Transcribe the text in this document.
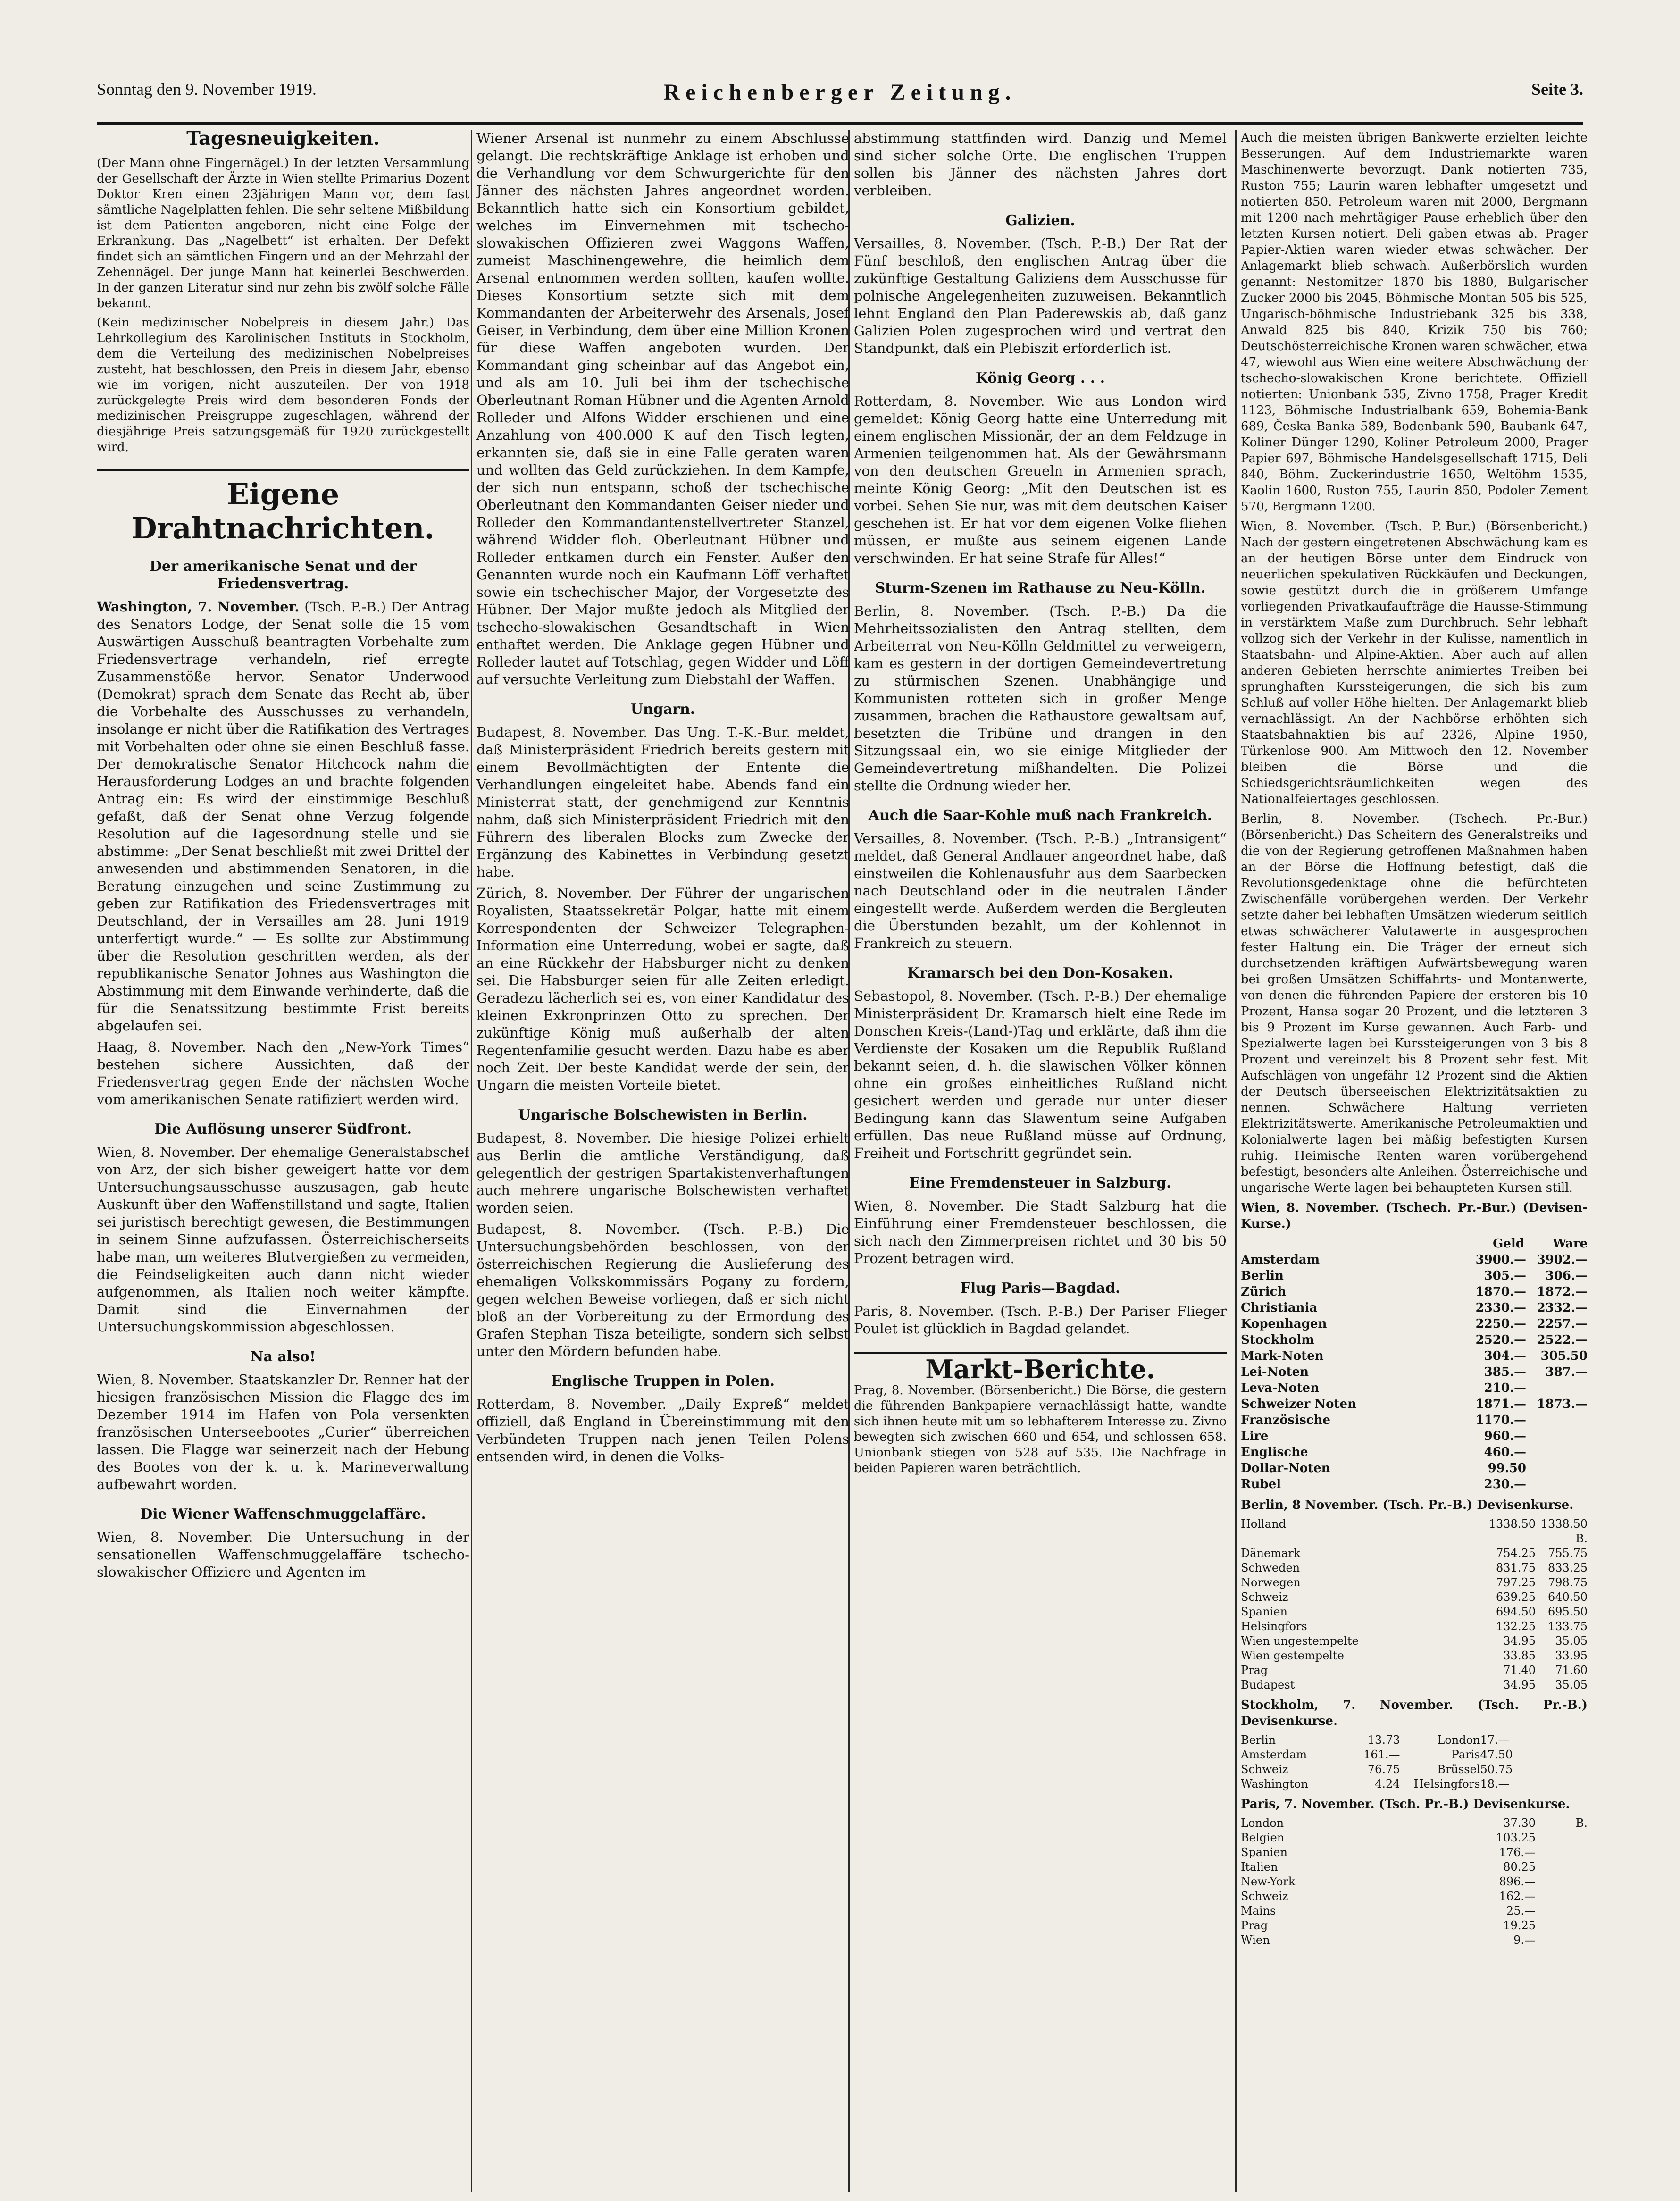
Sonntag den 9. November 1919.	Reichenberger Zeitung.	Seite 3.
Tagesneuigkeiten.

(Der Mann ohne Fingernägel.) In der letzten Versammlung der Gesellschaft der Ärzte in Wien stellte Primarius Dozent Doktor Kren einen 23jährigen Mann vor, dem fast sämtliche Nagelplatten fehlen. Die sehr seltene Mißbildung ist dem Patienten angeboren, nicht eine Folge der Erkrankung. Das „Nagelbett“ ist erhalten. Der Defekt findet sich an sämtlichen Fingern und an der Mehrzahl der Zehennägel. Der junge Mann hat keinerlei Beschwerden. In der ganzen Literatur sind nur zehn bis zwölf solche Fälle bekannt.

(Kein medizinischer Nobelpreis in diesem Jahr.) Das Lehrkollegium des Karolinischen Instituts in Stockholm, dem die Verteilung des medizinischen Nobelpreises zusteht, hat beschlossen, den Preis in diesem Jahr, ebenso wie im vorigen, nicht auszuteilen. Der von 1918 zurückgelegte Preis wird dem besonderen Fonds der medizinischen Preisgruppe zugeschlagen, während der diesjährige Preis satzungsgemäß für 1920 zurückgestellt wird.

Eigene Drahtnachrichten.
Der amerikanische Senat und der Friedensvertrag.

Washington, 7. November. (Tsch. P.-B.) Der Antrag des Senators Lodge, der Senat solle die 15 vom Auswärtigen Ausschuß beantragten Vorbehalte zum Friedensvertrage verhandeln, rief erregte Zusammenstöße hervor. Senator Underwood (Demokrat) sprach dem Senate das Recht ab, über die Vorbehalte des Ausschusses zu verhandeln, insolange er nicht über die Ratifikation des Vertrages mit Vorbehalten oder ohne sie einen Beschluß fasse. Der demokratische Senator Hitchcock nahm die Herausforderung Lodges an und brachte folgenden Antrag ein: Es wird der einstimmige Beschluß gefaßt, daß der Senat ohne Verzug folgende Resolution auf die Tagesordnung stelle und sie abstimme: „Der Senat beschließt mit zwei Drittel der anwesenden und abstimmenden Senatoren, in die Beratung einzugehen und seine Zustimmung zu geben zur Ratifikation des Friedensvertrages mit Deutschland, der in Versailles am 28. Juni 1919 unterfertigt wurde.“ — Es sollte zur Abstimmung über die Resolution geschritten werden, als der republikanische Senator Johnes aus Washington die Abstimmung mit dem Einwande verhinderte, daß die für die Senatssitzung bestimmte Frist bereits abgelaufen sei.

Haag, 8. November. Nach den „New-York Times“ bestehen sichere Aussichten, daß der Friedensvertrag gegen Ende der nächsten Woche vom amerikanischen Senate ratifiziert werden wird.

Die Auflösung unserer Südfront.

Wien, 8. November. Der ehemalige Generalstabschef von Arz, der sich bisher geweigert hatte vor dem Untersuchungsausschusse auszusagen, gab heute Auskunft über den Waffenstillstand und sagte, Italien sei juristisch berechtigt gewesen, die Bestimmungen in seinem Sinne aufzufassen. Österreichischerseits habe man, um weiteres Blutvergießen zu vermeiden, die Feindseligkeiten auch dann nicht wieder aufgenommen, als Italien noch weiter kämpfte. Damit sind die Einvernahmen der Untersuchungskommission abgeschlossen.

Na also!

Wien, 8. November. Staatskanzler Dr. Renner hat der hiesigen französischen Mission die Flagge des im Dezember 1914 im Hafen von Pola versenkten französischen Unterseebootes „Curier“ überreichen lassen. Die Flagge war seinerzeit nach der Hebung des Bootes von der k. u. k. Marineverwaltung aufbewahrt worden.

Die Wiener Waffenschmuggelaffäre.

Wien, 8. November. Die Untersuchung in der sensationellen Waffenschmuggelaffäre tschecho-slowakischer Offiziere und Agenten im

Wiener Arsenal ist nunmehr zu einem Abschlusse gelangt. Die rechtskräftige Anklage ist erhoben und die Verhandlung vor dem Schwurgerichte für den Jänner des nächsten Jahres angeordnet worden. Bekanntlich hatte sich ein Konsortium gebildet, welches im Einvernehmen mit tschecho-slowakischen Offizieren zwei Waggons Waffen, zumeist Maschinengewehre, die heimlich dem Arsenal entnommen werden sollten, kaufen wollte. Dieses Konsortium setzte sich mit dem Kommandanten der Arbeiterwehr des Arsenals, Josef Geiser, in Verbindung, dem über eine Million Kronen für diese Waffen angeboten wurden. Der Kommandant ging scheinbar auf das Angebot ein, und als am 10. Juli bei ihm der tschechische Oberleutnant Roman Hübner und die Agenten Arnold Rolleder und Alfons Widder erschienen und eine Anzahlung von 400.000 K auf den Tisch legten, erkannten sie, daß sie in eine Falle geraten waren und wollten das Geld zurückziehen. In dem Kampfe, der sich nun entspann, schoß der tschechische Oberleutnant den Kommandanten Geiser nieder und Rolleder den Kommandantenstellvertreter Stanzel, während Widder floh. Oberleutnant Hübner und Rolleder entkamen durch ein Fenster. Außer den Genannten wurde noch ein Kaufmann Löff verhaftet sowie ein tschechischer Major, der Vorgesetzte des Hübner. Der Major mußte jedoch als Mitglied der tschecho-slowakischen Gesandtschaft in Wien enthaftet werden. Die Anklage gegen Hübner und Rolleder lautet auf Totschlag, gegen Widder und Löff auf versuchte Verleitung zum Diebstahl der Waffen.

Ungarn.

Budapest, 8. November. Das Ung. T.-K.-Bur. meldet, daß Ministerpräsident Friedrich bereits gestern mit einem Bevollmächtigten der Entente die Verhandlungen eingeleitet habe. Abends fand ein Ministerrat statt, der genehmigend zur Kenntnis nahm, daß sich Ministerpräsident Friedrich mit den Führern des liberalen Blocks zum Zwecke der Ergänzung des Kabinettes in Verbindung gesetzt habe.

Zürich, 8. November. Der Führer der ungarischen Royalisten, Staatssekretär Polgar, hatte mit einem Korrespondenten der Schweizer Telegraphen-Information eine Unterredung, wobei er sagte, daß an eine Rückkehr der Habsburger nicht zu denken sei. Die Habsburger seien für alle Zeiten erledigt. Geradezu lächerlich sei es, von einer Kandidatur des kleinen Exkronprinzen Otto zu sprechen. Der zukünftige König muß außerhalb der alten Regentenfamilie gesucht werden. Dazu habe es aber noch Zeit. Der beste Kandidat werde der sein, der Ungarn die meisten Vorteile bietet.

Ungarische Bolschewisten in Berlin.

Budapest, 8. November. Die hiesige Polizei erhielt aus Berlin die amtliche Verständigung, daß gelegentlich der gestrigen Spartakistenverhaftungen auch mehrere ungarische Bolschewisten verhaftet worden seien.

Budapest, 8. November. (Tsch. P.-B.) Die Untersuchungsbehörden beschlossen, von der österreichischen Regierung die Auslieferung des ehemaligen Volkskommissärs Pogany zu fordern, gegen welchen Beweise vorliegen, daß er sich nicht bloß an der Vorbereitung zu der Ermordung des Grafen Stephan Tisza beteiligte, sondern sich selbst unter den Mördern befunden habe.

Englische Truppen in Polen.

Rotterdam, 8. November. „Daily Expreß“ meldet offiziell, daß England in Übereinstimmung mit den Verbündeten Truppen nach jenen Teilen Polens entsenden wird, in denen die Volks-

abstimmung stattfinden wird. Danzig und Memel sind sicher solche Orte. Die englischen Truppen sollen bis Jänner des nächsten Jahres dort verbleiben.

Galizien.

Versailles, 8. November. (Tsch. P.-B.) Der Rat der Fünf beschloß, den englischen Antrag über die zukünftige Gestaltung Galiziens dem Ausschusse für polnische Angelegenheiten zuzuweisen. Bekanntlich lehnt England den Plan Paderewskis ab, daß ganz Galizien Polen zugesprochen wird und vertrat den Standpunkt, daß ein Plebiszit erforderlich ist.

König Georg . . .

Rotterdam, 8. November. Wie aus London wird gemeldet: König Georg hatte eine Unterredung mit einem englischen Missionär, der an dem Feldzuge in Armenien teilgenommen hat. Als der Gewährsmann von den deutschen Greueln in Armenien sprach, meinte König Georg: „Mit den Deutschen ist es vorbei. Sehen Sie nur, was mit dem deutschen Kaiser geschehen ist. Er hat vor dem eigenen Volke fliehen müssen, er mußte aus seinem eigenen Lande verschwinden. Er hat seine Strafe für Alles!“

Sturm-Szenen im Rathause zu Neu-Kölln.

Berlin, 8. November. (Tsch. P.-B.) Da die Mehrheitssozialisten den Antrag stellten, dem Arbeiterrat von Neu-Kölln Geldmittel zu verweigern, kam es gestern in der dortigen Gemeindevertretung zu stürmischen Szenen. Unabhängige und Kommunisten rotteten sich in großer Menge zusammen, brachen die Rathaustore gewaltsam auf, besetzten die Tribüne und drangen in den Sitzungssaal ein, wo sie einige Mitglieder der Gemeindevertretung mißhandelten. Die Polizei stellte die Ordnung wieder her.

Auch die Saar-Kohle muß nach Frankreich.

Versailles, 8. November. (Tsch. P.-B.) „Intransigent“ meldet, daß General Andlauer angeordnet habe, daß einstweilen die Kohlenausfuhr aus dem Saarbecken nach Deutschland oder in die neutralen Länder eingestellt werde. Außerdem werden die Bergleuten die Überstunden bezahlt, um der Kohlennot in Frankreich zu steuern.

Kramarsch bei den Don-Kosaken.

Sebastopol, 8. November. (Tsch. P.-B.) Der ehemalige Ministerpräsident Dr. Kramarsch hielt eine Rede im Donschen Kreis-(Land-)Tag und erklärte, daß ihm die Verdienste der Kosaken um die Republik Rußland bekannt seien, d. h. die slawischen Völker können ohne ein großes einheitliches Rußland nicht gesichert werden und gerade nur unter dieser Bedingung kann das Slawentum seine Aufgaben erfüllen. Das neue Rußland müsse auf Ordnung, Freiheit und Fortschritt gegründet sein.

Eine Fremdensteuer in Salzburg.

Wien, 8. November. Die Stadt Salzburg hat die Einführung einer Fremdensteuer beschlossen, die sich nach den Zimmerpreisen richtet und 30 bis 50 Prozent betragen wird.

Flug Paris—Bagdad.

Paris, 8. November. (Tsch. P.-B.) Der Pariser Flieger Poulet ist glücklich in Bagdad gelandet.

Markt-Berichte.

Prag, 8. November. (Börsenbericht.) Die Börse, die gestern die führenden Bankpapiere vernachlässigt hatte, wandte sich ihnen heute mit um so lebhafterem Interesse zu. Zivno bewegten sich zwischen 660 und 654, und schlossen 658. Unionbank stiegen von 528 auf 535. Die Nachfrage in beiden Papieren waren beträchtlich.

Auch die meisten übrigen Bankwerte erzielten leichte Besserungen. Auf dem Industriemarkte waren Maschinenwerte bevorzugt. Dank notierten 735, Ruston 755; Laurin waren lebhafter umgesetzt und notierten 850. Petroleum waren mit 2000, Bergmann mit 1200 nach mehrtägiger Pause erheblich über den letzten Kursen notiert. Deli gaben etwas ab. Prager Papier-Aktien waren wieder etwas schwächer. Der Anlagemarkt blieb schwach. Außerbörslich wurden genannt: Nestomitzer 1870 bis 1880, Bulgarischer Zucker 2000 bis 2045, Böhmische Montan 505 bis 525, Ungarisch-böhmische Industriebank 325 bis 338, Anwald 825 bis 840, Krizik 750 bis 760; Deutschösterreichische Kronen waren schwächer, etwa 47, wiewohl aus Wien eine weitere Abschwächung der tschecho-slowakischen Krone berichtete. Offiziell notierten: Unionbank 535, Zivno 1758, Prager Kredit 1123, Böhmische Industrialbank 659, Bohemia-Bank 689, Česka Banka 589, Bodenbank 590, Baubank 647, Koliner Dünger 1290, Koliner Petroleum 2000, Prager Papier 697, Böhmische Handelsgesellschaft 1715, Deli 840, Böhm. Zuckerindustrie 1650, Weltöhm 1535, Kaolin 1600, Ruston 755, Laurin 850, Podoler Zement 570, Bergmann 1200.

Wien, 8. November. (Tsch. P.-Bur.) (Börsenbericht.) Nach der gestern eingetretenen Abschwächung kam es an der heutigen Börse unter dem Eindruck von neuerlichen spekulativen Rückkäufen und Deckungen, sowie gestützt durch die in größerem Umfange vorliegenden Privatkaufaufträge die Hausse-Stimmung in verstärktem Maße zum Durchbruch. Sehr lebhaft vollzog sich der Verkehr in der Kulisse, namentlich in Staatsbahn- und Alpine-Aktien. Aber auch auf allen anderen Gebieten herrschte animiertes Treiben bei sprunghaften Kurssteigerungen, die sich bis zum Schluß auf voller Höhe hielten. Der Anlagemarkt blieb vernachlässigt. An der Nachbörse erhöhten sich Staatsbahnaktien bis auf 2326, Alpine 1950, Türkenlose 900. Am Mittwoch den 12. November bleiben die Börse und die Schiedsgerichtsräumlichkeiten wegen des Nationalfeiertages geschlossen.

Berlin, 8. November. (Tschech. Pr.-Bur.) (Börsenbericht.) Das Scheitern des Generalstreiks und die von der Regierung getroffenen Maßnahmen haben an der Börse die Hoffnung befestigt, daß die Revolutionsgedenktage ohne die befürchteten Zwischenfälle vorübergehen werden. Der Verkehr setzte daher bei lebhaften Umsätzen wiederum seitlich etwas schwächerer Valutawerte in ausgesprochen fester Haltung ein. Die Träger der erneut sich durchsetzenden kräftigen Aufwärtsbewegung waren bei großen Umsätzen Schiffahrts- und Montanwerte, von denen die führenden Papiere der ersteren bis 10 Prozent, Hansa sogar 20 Prozent, und die letzteren 3 bis 9 Prozent im Kurse gewannen. Auch Farb- und Spezialwerte lagen bei Kurssteigerungen von 3 bis 8 Prozent und vereinzelt bis 8 Prozent sehr fest. Mit Aufschlägen von ungefähr 12 Prozent sind die Aktien der Deutsch überseeischen Elektrizitätsaktien zu nennen. Schwächere Haltung verrieten Elektrizitätswerte. Amerikanische Petroleumaktien und Kolonialwerte lagen bei mäßig befestigten Kursen ruhig. Heimische Renten waren vorübergehend befestigt, besonders alte Anleihen. Österreichische und ungarische Werte lagen bei behaupteten Kursen still.

Wien, 8. November. (Tschech. Pr.-Bur.) (Devisen-Kurse.)

Geld Ware
Amsterdam	3900.— 3902.—
Berlin	305.—	306.—
Zürich	1870.— 1872.—
Christiania	2330.— 2332.—
Kopenhagen	2250.— 2257.—
Stockholm	2520.— 2522.—
Mark-Noten	304.—	305.50
Lei-Noten	385.—	387.—
Leva-Noten	210.—
Schweizer Noten	1871.— 1873.—
Französische	1170.—
Lire	960.—
Englische	460.—
Dollar-Noten	99.50
Rubel	230.—

Berlin, 8 November. (Tsch. Pr.-B.) Devisenkurse.

Holland	1338.50 1338.50 B.
Dänemark	754.25	755.75
Schweden	831.75	833.25
Norwegen	797.25	798.75
Schweiz	639.25	640.50
Spanien	694.50	695.50
Helsingfors	132.25	133.75
Wien ungestempelte	34.95	35.05
Wien gestempelte	33.85	33.95
Prag	71.40	71.60
Budapest	34.95	35.05

Stockholm, 7. November. (Tsch. Pr.-B.) Devisenkurse.

Berlin	13.73	London 17.—
Amsterdam	161.—	Paris 47.50
Schweiz	76.75	Brüssel 50.75
Washington	4.24	Helsingfors 18.—

Paris, 7. November. (Tsch. Pr.-B.) Devisenkurse.

London	37.30	B.
Belgien	103.25
Spanien	176.—
Italien	80.25
New-York	896.—
Schweiz	162.—
Mains	25.—
Prag	19.25
Wien	9.—
